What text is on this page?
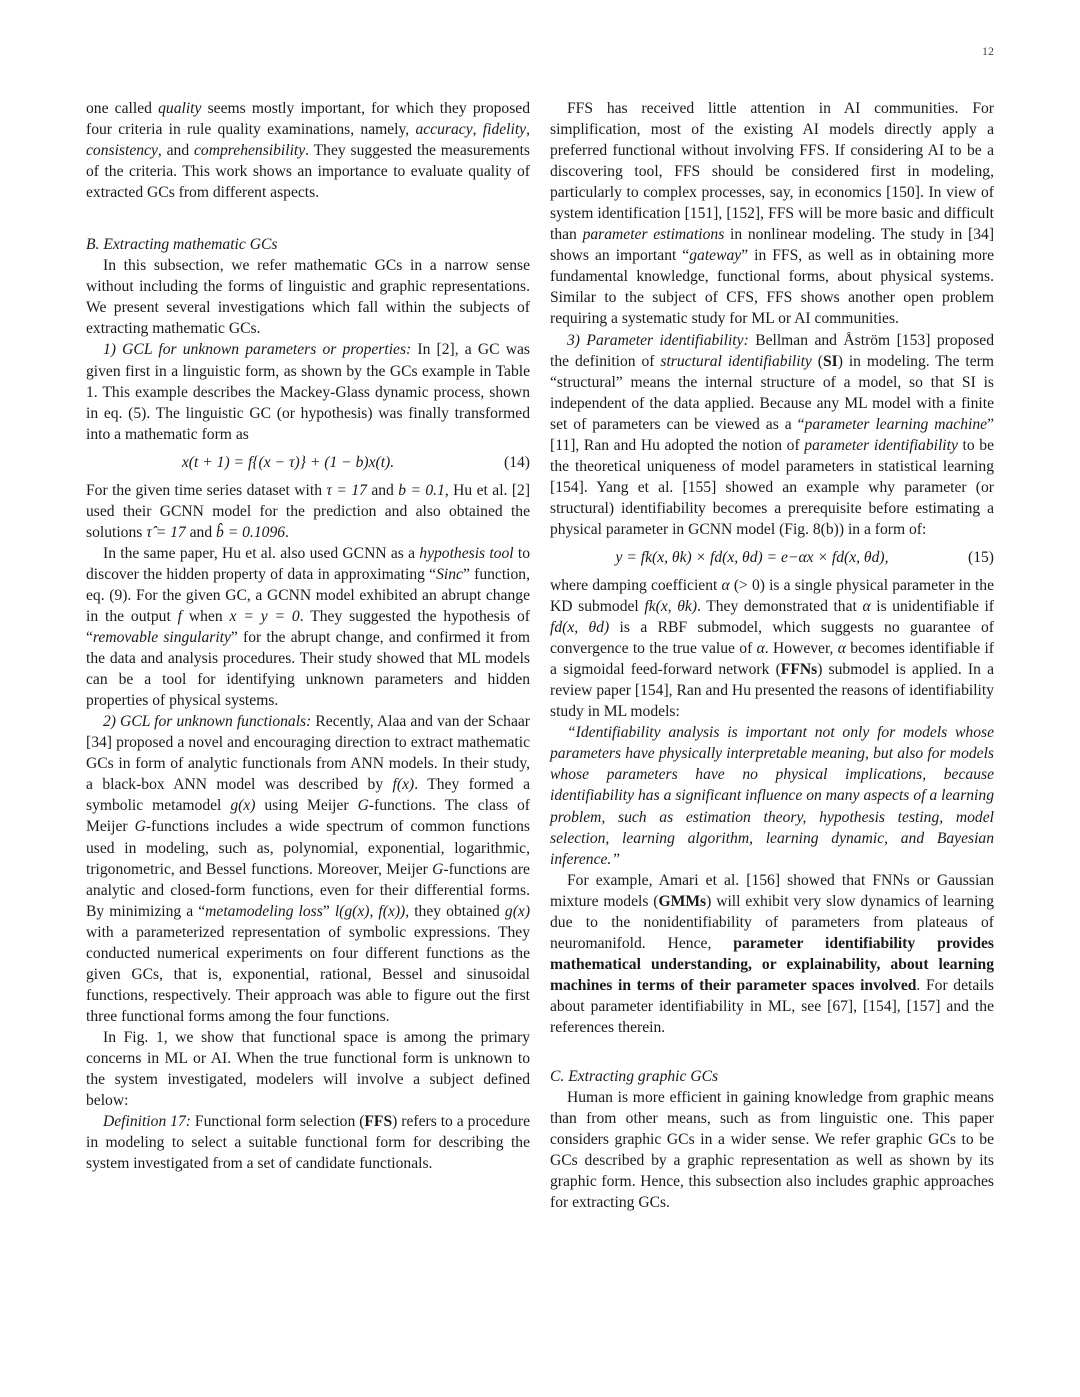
12

one called quality seems mostly important, for which they proposed four criteria in rule quality examinations, namely, accuracy, fidelity, consistency, and comprehensibility. They suggested the measurements of the criteria. This work shows an importance to evaluate quality of extracted GCs from different aspects.

B. Extracting mathematic GCs

In this subsection, we refer mathematic GCs in a narrow sense without including the forms of linguistic and graphic representations. We present several investigations which fall within the subjects of extracting mathematic GCs.

1) GCL for unknown parameters or properties: In [2], a GC was given first in a linguistic form, as shown by the GCs example in Table 1. This example describes the Mackey-Glass dynamic process, shown in eq. (5). The linguistic GC (or hypothesis) was finally transformed into a mathematic form as

x(t + 1) = f{(x − τ)} + (1 − b)x(t).	(14)

For the given time series dataset with τ = 17 and b = 0.1, Hu et al. [2] used their GCNN model for the prediction and also obtained the solutions τ̂ = 17 and b̂ = 0.1096.

In the same paper, Hu et al. also used GCNN as a hypothesis tool to discover the hidden property of data in approximating “Sinc” function, eq. (9). For the given GC, a GCNN model exhibited an abrupt change in the output f when x = y = 0. They suggested the hypothesis of “removable singularity” for the abrupt change, and confirmed it from the data and analysis procedures. Their study showed that ML models can be a tool for identifying unknown parameters and hidden properties of physical systems.

2) GCL for unknown functionals: Recently, Alaa and van der Schaar [34] proposed a novel and encouraging direction to extract mathematic GCs in form of analytic functionals from ANN models. In their study, a black-box ANN model was described by f(x). They formed a symbolic metamodel g(x) using Meijer G-functions. The class of Meijer G-functions includes a wide spectrum of common functions used in modeling, such as, polynomial, exponential, logarithmic, trigonometric, and Bessel functions. Moreover, Meijer G-functions are analytic and closed-form functions, even for their differential forms. By minimizing a “metamodeling loss” l(g(x), f(x)), they obtained g(x) with a parameterized representation of symbolic expressions. They conducted numerical experiments on four different functions as the given GCs, that is, exponential, rational, Bessel and sinusoidal functions, respectively. Their approach was able to figure out the first three functional forms among the four functions.

In Fig. 1, we show that functional space is among the primary concerns in ML or AI. When the true functional form is unknown to the system investigated, modelers will involve a subject defined below:

Definition 17: Functional form selection (FFS) refers to a procedure in modeling to select a suitable functional form for describing the system investigated from a set of candidate functionals.

FFS has received little attention in AI communities. For simplification, most of the existing AI models directly apply a preferred functional without involving FFS. If considering AI to be a discovering tool, FFS should be considered first in modeling, particularly to complex processes, say, in economics [150]. In view of system identification [151], [152], FFS will be more basic and difficult than parameter estimations in nonlinear modeling. The study in [34] shows an important “gateway” in FFS, as well as in obtaining more fundamental knowledge, functional forms, about physical systems. Similar to the subject of CFS, FFS shows another open problem requiring a systematic study for ML or AI communities.

3) Parameter identifiability: Bellman and Åström [153] proposed the definition of structural identifiability (SI) in modeling. The term “structural” means the internal structure of a model, so that SI is independent of the data applied. Because any ML model with a finite set of parameters can be viewed as a “parameter learning machine” [11], Ran and Hu adopted the notion of parameter identifiability to be the theoretical uniqueness of model parameters in statistical learning [154]. Yang et al. [155] showed an example why parameter (or structural) identifiability becomes a prerequisite before estimating a physical parameter in GCNN model (Fig. 8(b)) in a form of:

y = fk(x, θk) × fd(x, θd) = e−αx × fd(x, θd),	(15)

where damping coefficient α (> 0) is a single physical parameter in the KD submodel fk(x, θk). They demonstrated that α is unidentifiable if fd(x, θd) is a RBF submodel, which suggests no guarantee of convergence to the true value of α. However, α becomes identifiable if a sigmoidal feed-forward network (FFNs) submodel is applied. In a review paper [154], Ran and Hu presented the reasons of identifiability study in ML models:

“Identifiability analysis is important not only for models whose parameters have physically interpretable meaning, but also for models whose parameters have no physical implications, because identifiability has a significant influence on many aspects of a learning problem, such as estimation theory, hypothesis testing, model selection, learning algorithm, learning dynamic, and Bayesian inference.”

For example, Amari et al. [156] showed that FNNs or Gaussian mixture models (GMMs) will exhibit very slow dynamics of learning due to the nonidentifiability of parameters from plateaus of neuromanifold. Hence, parameter identifiability provides mathematical understanding, or explainability, about learning machines in terms of their parameter spaces involved. For details about parameter identifiability in ML, see [67], [154], [157] and the references therein.

C. Extracting graphic GCs

Human is more efficient in gaining knowledge from graphic means than from other means, such as from linguistic one. This paper considers graphic GCs in a wider sense. We refer graphic GCs to be GCs described by a graphic representation as well as shown by its graphic form. Hence, this subsection also includes graphic approaches for extracting GCs.
